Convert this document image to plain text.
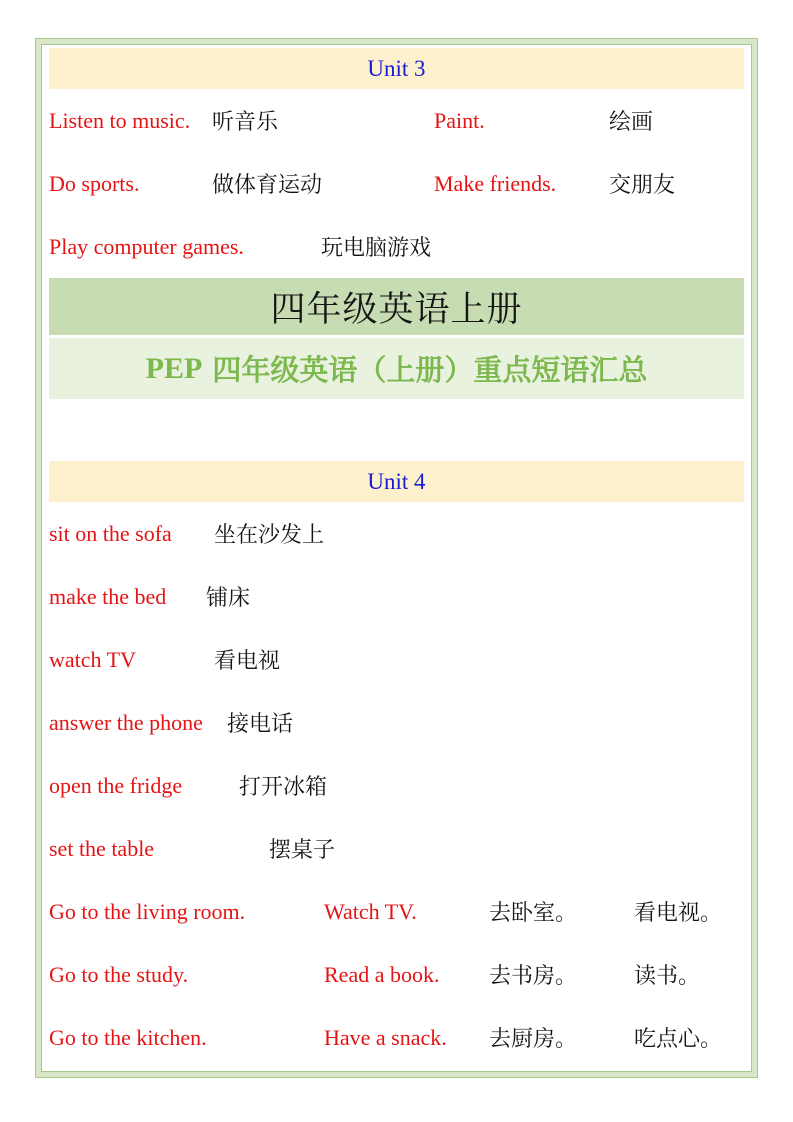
Unit 3
Listen to music. 听音乐	Paint.	绘画
Do sports.	做体育运动	Make friends.	交朋友
Play computer games.	玩电脑游戏
四年级英语上册
PEP 四年级英语（上册）重点短语汇总
Unit 4
sit on the sofa	坐在沙发上
make the bed	铺床
watch TV	看电视
answer the phone	接电话
open the fridge	打开冰箱
set the table	摆桌子
Go to the living room.	Watch TV.	去卧室。	看电视。
Go to the study.	Read a book.	去书房。	读书。
Go to the kitchen.	Have a snack.	去厨房。	吃点心。
